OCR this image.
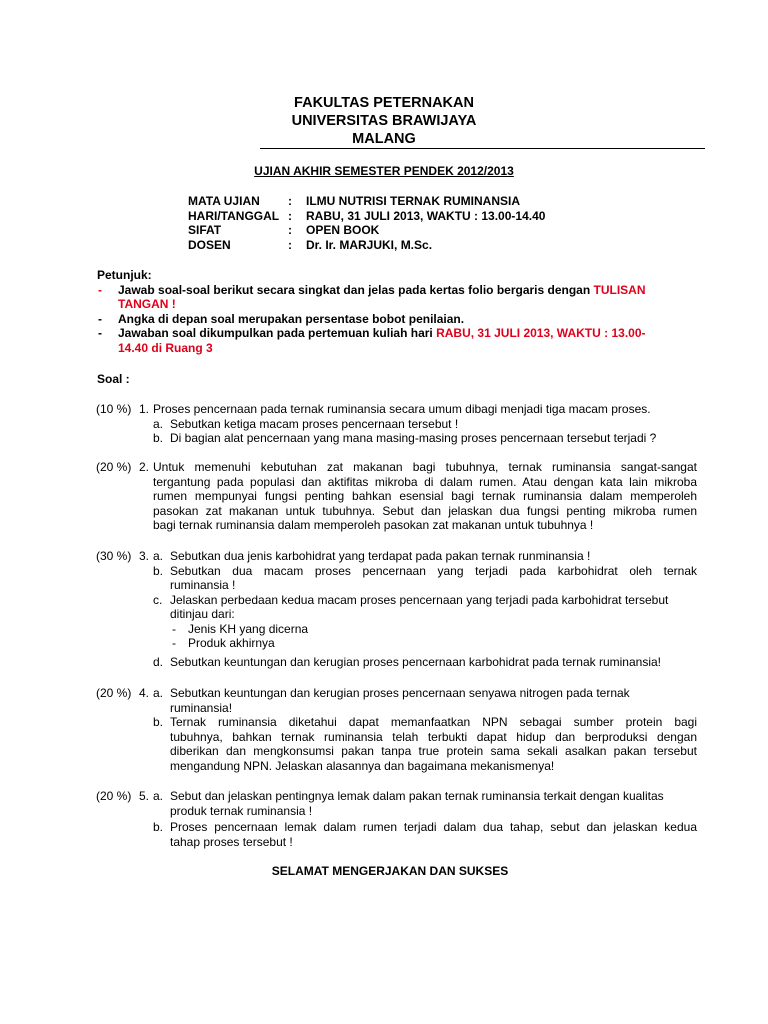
FAKULTAS PETERNAKAN
UNIVERSITAS BRAWIJAYA
MALANG
UJIAN AKHIR SEMESTER PENDEK 2012/2013
MATA UJIAN : ILMU NUTRISI TERNAK RUMINANSIA
HARI/TANGGAL : RABU, 31 JULI 2013, WAKTU : 13.00-14.40
SIFAT	: OPEN BOOK
DOSEN	: Dr. Ir. MARJUKI, M.Sc.
Petunjuk:
- Jawab soal-soal berikut secara singkat dan jelas pada kertas folio bergaris dengan TULISAN
TANGAN !
- Angka di depan soal merupakan persentase bobot penilaian.
- Jawaban soal dikumpulkan pada pertemuan kuliah hari RABU, 31 JULI 2013, WAKTU : 13.00-
14.40 di Ruang 3
Soal :
(10 %) 1. Proses pencernaan pada ternak ruminansia secara umum dibagi menjadi tiga macam proses.
a. Sebutkan ketiga macam proses pencernaan tersebut !
b. Di bagian alat pencernaan yang mana masing-masing proses pencernaan tersebut terjadi ?
(20 %) 2. Untuk memenuhi kebutuhan zat makanan bagi tubuhnya, ternak ruminansia sangat-sangat
tergantung pada populasi dan aktifitas mikroba di dalam rumen. Atau dengan kata lain mikroba
rumen mempunyai fungsi penting bahkan esensial bagi ternak ruminansia dalam memperoleh
pasokan zat makanan untuk tubuhnya. Sebut dan jelaskan dua fungsi penting mikroba rumen
bagi ternak ruminansia dalam memperoleh pasokan zat makanan untuk tubuhnya !
(30 %) 3. a. Sebutkan dua jenis karbohidrat yang terdapat pada pakan ternak runminansia !
b. Sebutkan dua macam proses pencernaan yang terjadi pada karbohidrat oleh ternak
ruminansia !
c. Jelaskan perbedaan kedua macam proses pencernaan yang terjadi pada karbohidrat tersebut
ditinjau dari:
- Jenis KH yang dicerna
- Produk akhirnya
d. Sebutkan keuntungan dan kerugian proses pencernaan karbohidrat pada ternak ruminansia!
(20 %) 4. a. Sebutkan keuntungan dan kerugian proses pencernaan senyawa nitrogen pada ternak
ruminansia!
b. Ternak ruminansia diketahui dapat memanfaatkan NPN sebagai sumber protein bagi
tubuhnya, bahkan ternak ruminansia telah terbukti dapat hidup dan berproduksi dengan
diberikan dan mengkonsumsi pakan tanpa true protein sama sekali asalkan pakan tersebut
mengandung NPN. Jelaskan alasannya dan bagaimana mekanismenya!
(20 %) 5. a. Sebut dan jelaskan pentingnya lemak dalam pakan ternak ruminansia terkait dengan kualitas
produk ternak ruminansia !
b. Proses pencernaan lemak dalam rumen terjadi dalam dua tahap, sebut dan jelaskan kedua
tahap proses tersebut !
SELAMAT MENGERJAKAN DAN SUKSES
